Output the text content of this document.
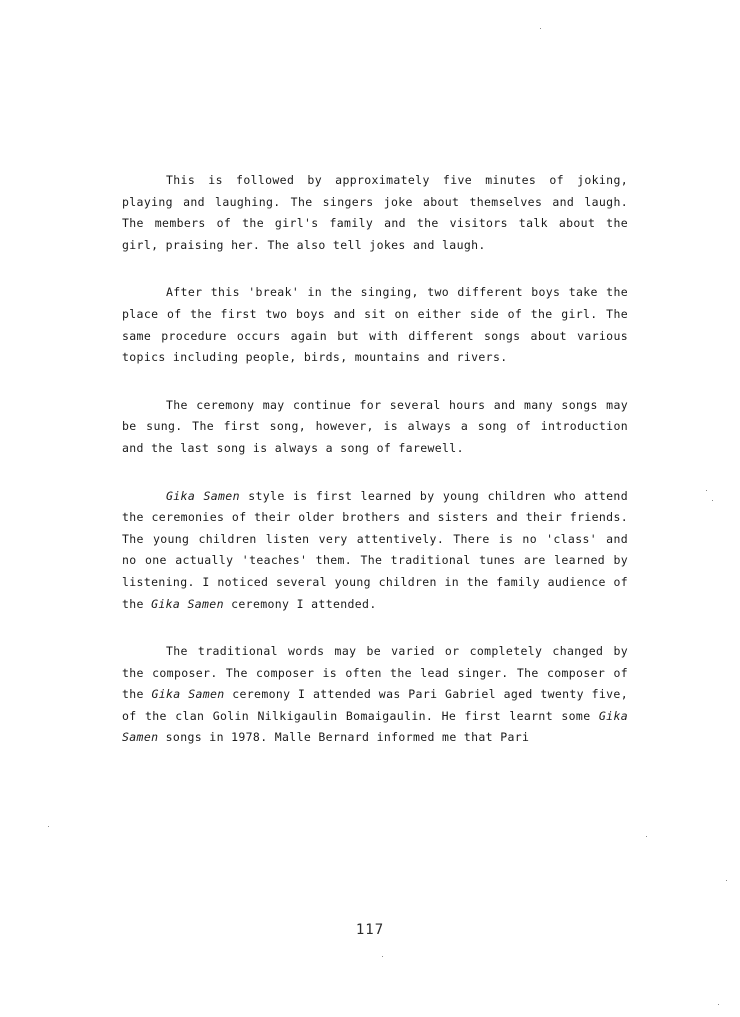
This is followed by approximately five minutes of joking, playing and laughing. The singers joke about themselves and laugh. The members of the girl's family and the visitors talk about the girl, praising her. The also tell jokes and laugh.

After this 'break' in the singing, two different boys take the place of the first two boys and sit on either side of the girl. The same procedure occurs again but with different songs about various topics including people, birds, mountains and rivers.

The ceremony may continue for several hours and many songs may be sung. The first song, however, is always a song of introduction and the last song is always a song of farewell.

Gika Samen style is first learned by young children who attend the ceremonies of their older brothers and sisters and their friends. The young children listen very attentively. There is no 'class' and no one actually 'teaches' them. The traditional tunes are learned by listening. I noticed several young children in the family audience of the Gika Samen ceremony I attended.

The traditional words may be varied or completely changed by the composer. The composer is often the lead singer. The composer of the Gika Samen ceremony I attended was Pari Gabriel aged twenty five, of the clan Golin Nilkigaulin Bomaigaulin. He first learnt some Gika Samen songs in 1978. Malle Bernard informed me that Pari

117
